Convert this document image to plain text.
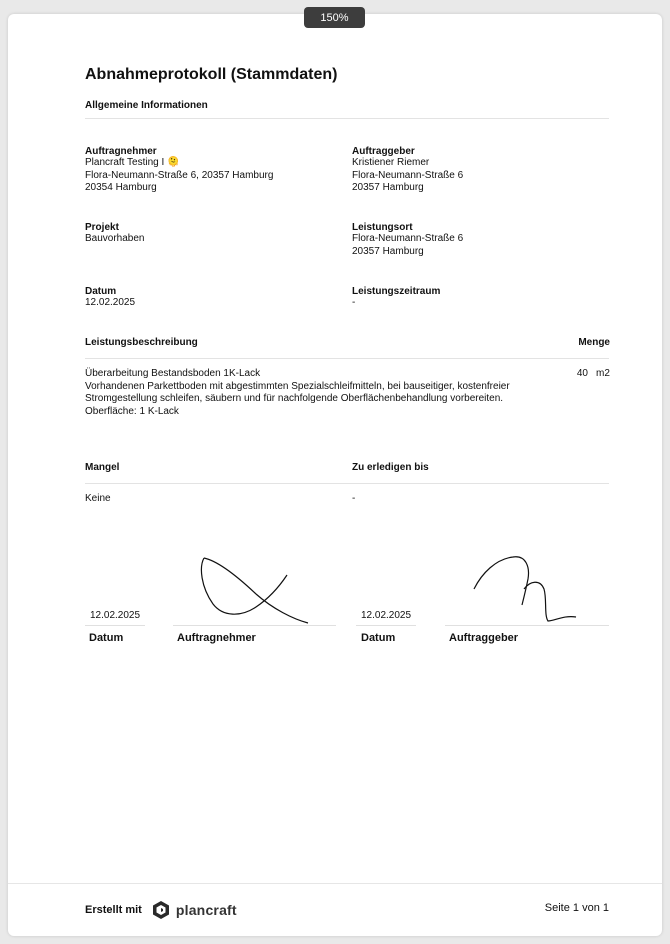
150%
Abnahmeprotokoll (Stammdaten)
Allgemeine Informationen
Auftragnehmer
Plancraft Testing I 🫠
Flora-Neumann-Straße 6, 20357 Hamburg
20354 Hamburg
Auftraggeber
Kristiener Riemer
Flora-Neumann-Straße 6
20357 Hamburg
Projekt
Bauvorhaben
Leistungsort
Flora-Neumann-Straße 6
20357 Hamburg
Datum
12.02.2025
Leistungszeitraum
-
Leistungsbeschreibung	Menge
Überarbeitung Bestandsboden 1K-Lack
Vorhandenen Parkettboden mit abgestimmten Spezialschleifmitteln, bei bauseitiger, kostenfreier
Stromgestellung schleifen, säubern und für nachfolgende Oberflächenbehandlung vorbereiten.
Oberfläche: 1 K-Lack
40 m2
Mangel	Zu erledigen bis
Keine	-
12.02.2025
Datum	Auftragnehmer
12.02.2025
Datum	Auftraggeber
Erstellt mit plancraft	Seite 1 von 1
